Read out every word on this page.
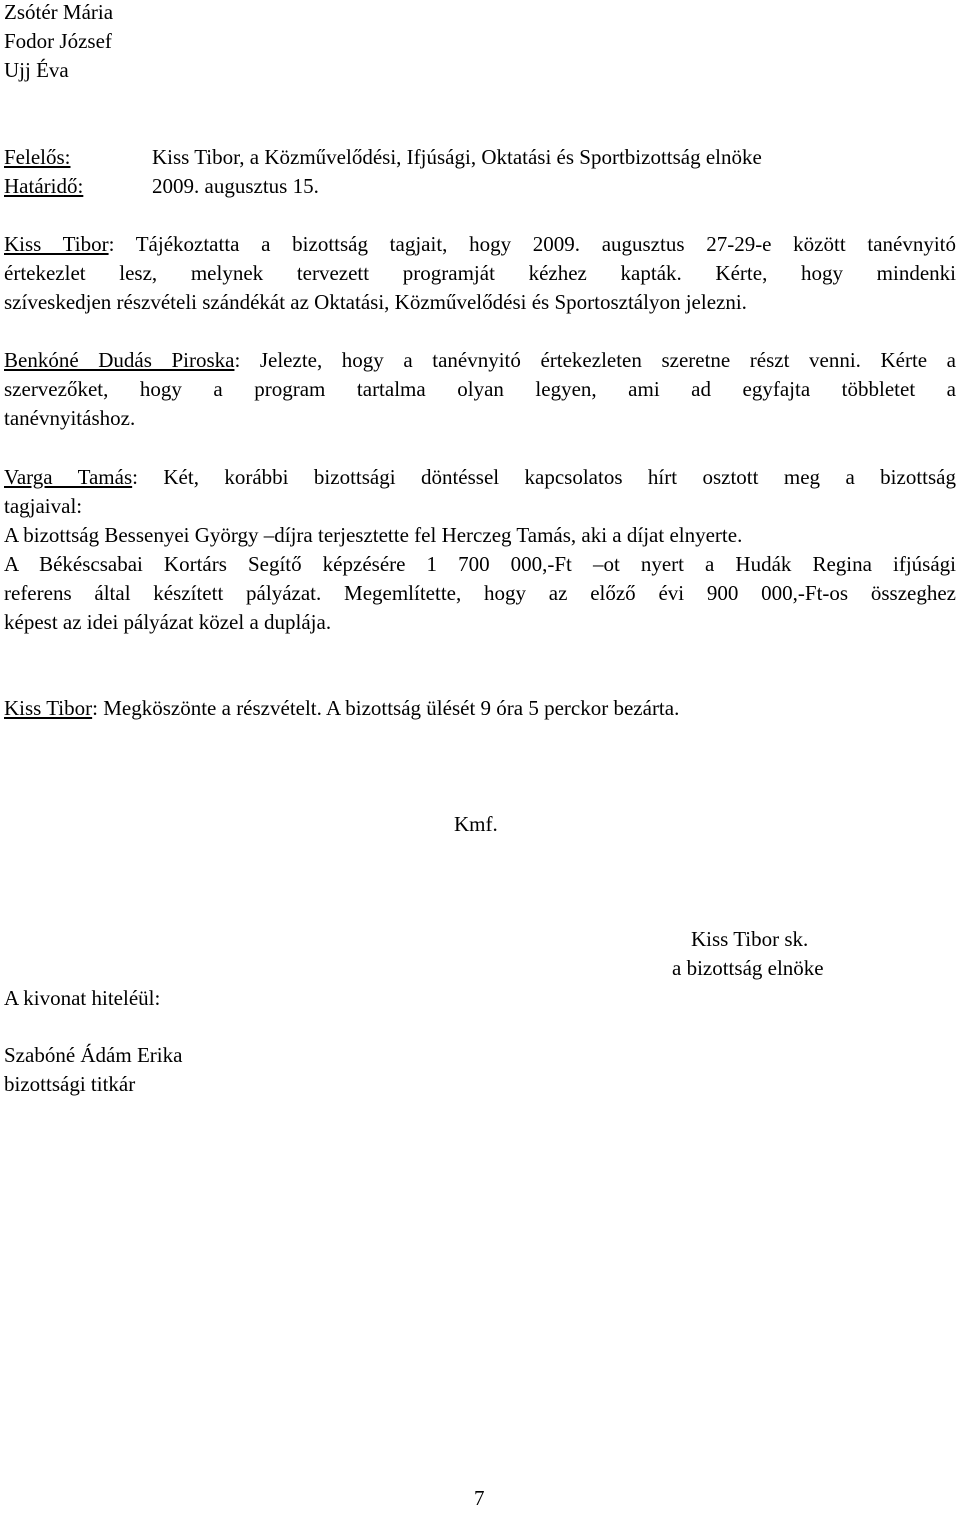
Zsótér Mária
Fodor József
Ujj Éva
Felelős:	Kiss Tibor, a Közművelődési, Ifjúsági, Oktatási és Sportbizottság elnöke
Határidő:	2009. augusztus 15.
Kiss Tibor: Tájékoztatta a bizottság tagjait, hogy 2009. augusztus 27-29-e között tanévnyitó
értekezlet lesz, melynek tervezett programját kézhez kapták. Kérte, hogy mindenki
szíveskedjen részvételi szándékát az Oktatási, Közművelődési és Sportosztályon jelezni.
Benkóné Dudás Piroska: Jelezte, hogy a tanévnyitó értekezleten szeretne részt venni. Kérte a
szervezőket, hogy a program tartalma olyan legyen, ami ad egyfajta többletet a
tanévnyitáshoz.
Varga Tamás: Két, korábbi bizottsági döntéssel kapcsolatos hírt osztott meg a bizottság
tagjaival:
A bizottság Bessenyei György –díjra terjesztette fel Herczeg Tamás, aki a díjat elnyerte.
A Békéscsabai Kortárs Segítő képzésére 1 700 000,-Ft –ot nyert a Hudák Regina ifjúsági
referens által készített pályázat. Megemlítette, hogy az előző évi 900 000,-Ft-os összeghez
képest az idei pályázat közel a duplája.
Kiss Tibor: Megköszönte a részvételt. A bizottság ülését 9 óra 5 perckor bezárta.
Kmf.
Kiss Tibor sk.
a bizottság elnöke
A kivonat hiteléül:
Szabóné Ádám Erika
bizottsági titkár
7
